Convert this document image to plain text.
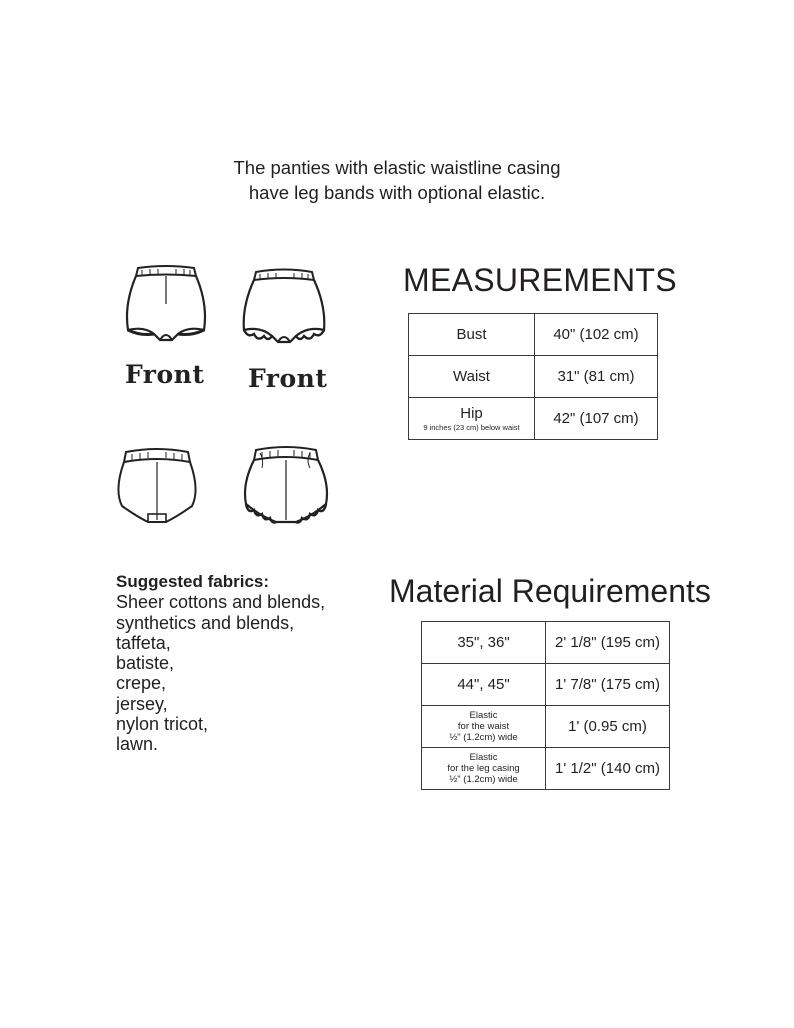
The panties with elastic waistline casing
have leg bands with optional elastic.
Front Front
MEASUREMENTS
Bust	40" (102 cm)
Waist	31" (81 cm)
Hip
9 inches (23 cm) below waist	42" (107 cm)
Material Requirements
35", 36"	2' 1/8" (195 cm)
44", 45"	1' 7/8" (175 cm)

Elastic
for the waist
½" (1.2cm) wide	1' (0.95 cm)

Elastic
for the leg casing
½" (1.2cm) wide	1' 1/2" (140 cm)
Suggested fabrics:
Sheer cottons and blends,
synthetics and blends,
taffeta,
batiste,
crepe,
jersey,
nylon tricot,
lawn.
